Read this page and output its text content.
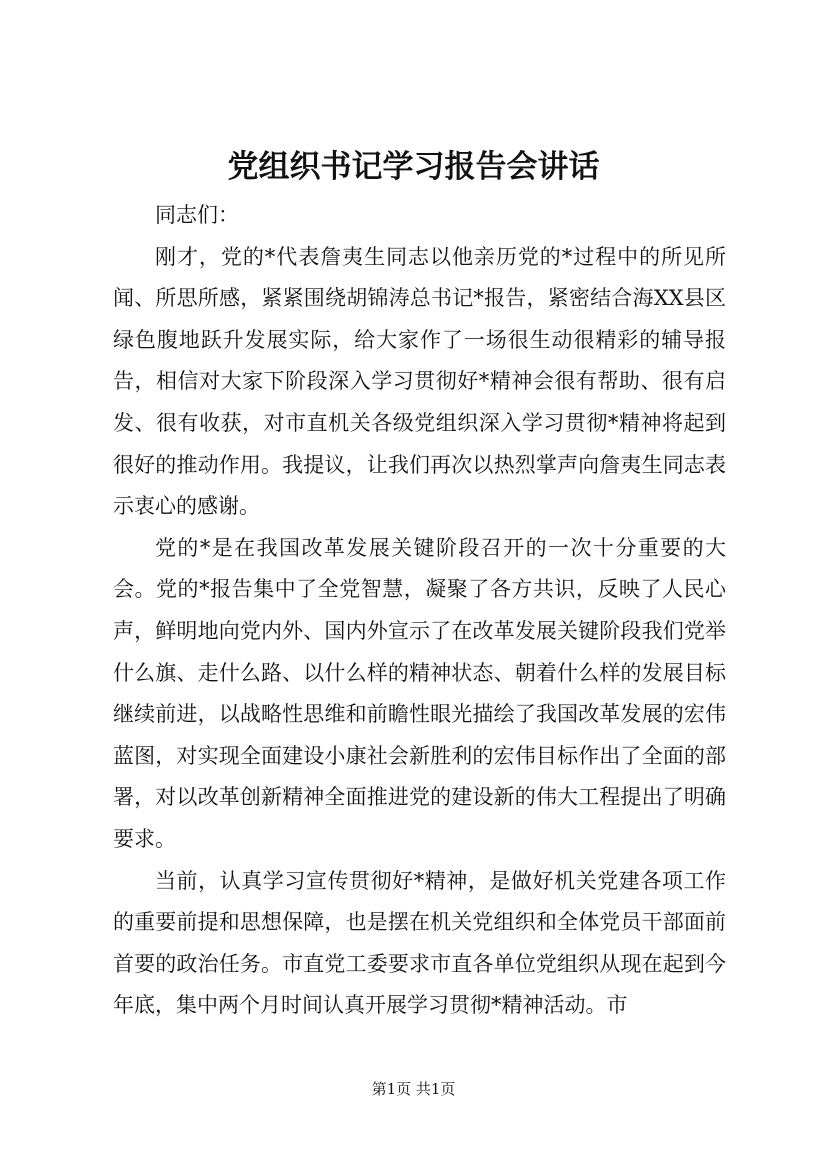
党组织书记学习报告会讲话

同志们：

刚才，党的*代表詹夷生同志以他亲历党的*过程中的所见所闻、所思所感，紧紧围绕胡锦涛总书记*报告，紧密结合海XX县区绿色腹地跃升发展实际，给大家作了一场很生动很精彩的辅导报告，相信对大家下阶段深入学习贯彻好*精神会很有帮助、很有启发、很有收获，对市直机关各级党组织深入学习贯彻*精神将起到很好的推动作用。我提议，让我们再次以热烈掌声向詹夷生同志表示衷心的感谢。

党的*是在我国改革发展关键阶段召开的一次十分重要的大会。党的*报告集中了全党智慧，凝聚了各方共识，反映了人民心声，鲜明地向党内外、国内外宣示了在改革发展关键阶段我们党举什么旗、走什么路、以什么样的精神状态、朝着什么样的发展目标继续前进，以战略性思维和前瞻性眼光描绘了我国改革发展的宏伟蓝图，对实现全面建设小康社会新胜利的宏伟目标作出了全面的部署，对以改革创新精神全面推进党的建设新的伟大工程提出了明确要求。

当前，认真学习宣传贯彻好*精神，是做好机关党建各项工作的重要前提和思想保障，也是摆在机关党组织和全体党员干部面前首要的政治任务。市直党工委要求市直各单位党组织从现在起到今年底，集中两个月时间认真开展学习贯彻*精神活动。市

第1页 共1页
